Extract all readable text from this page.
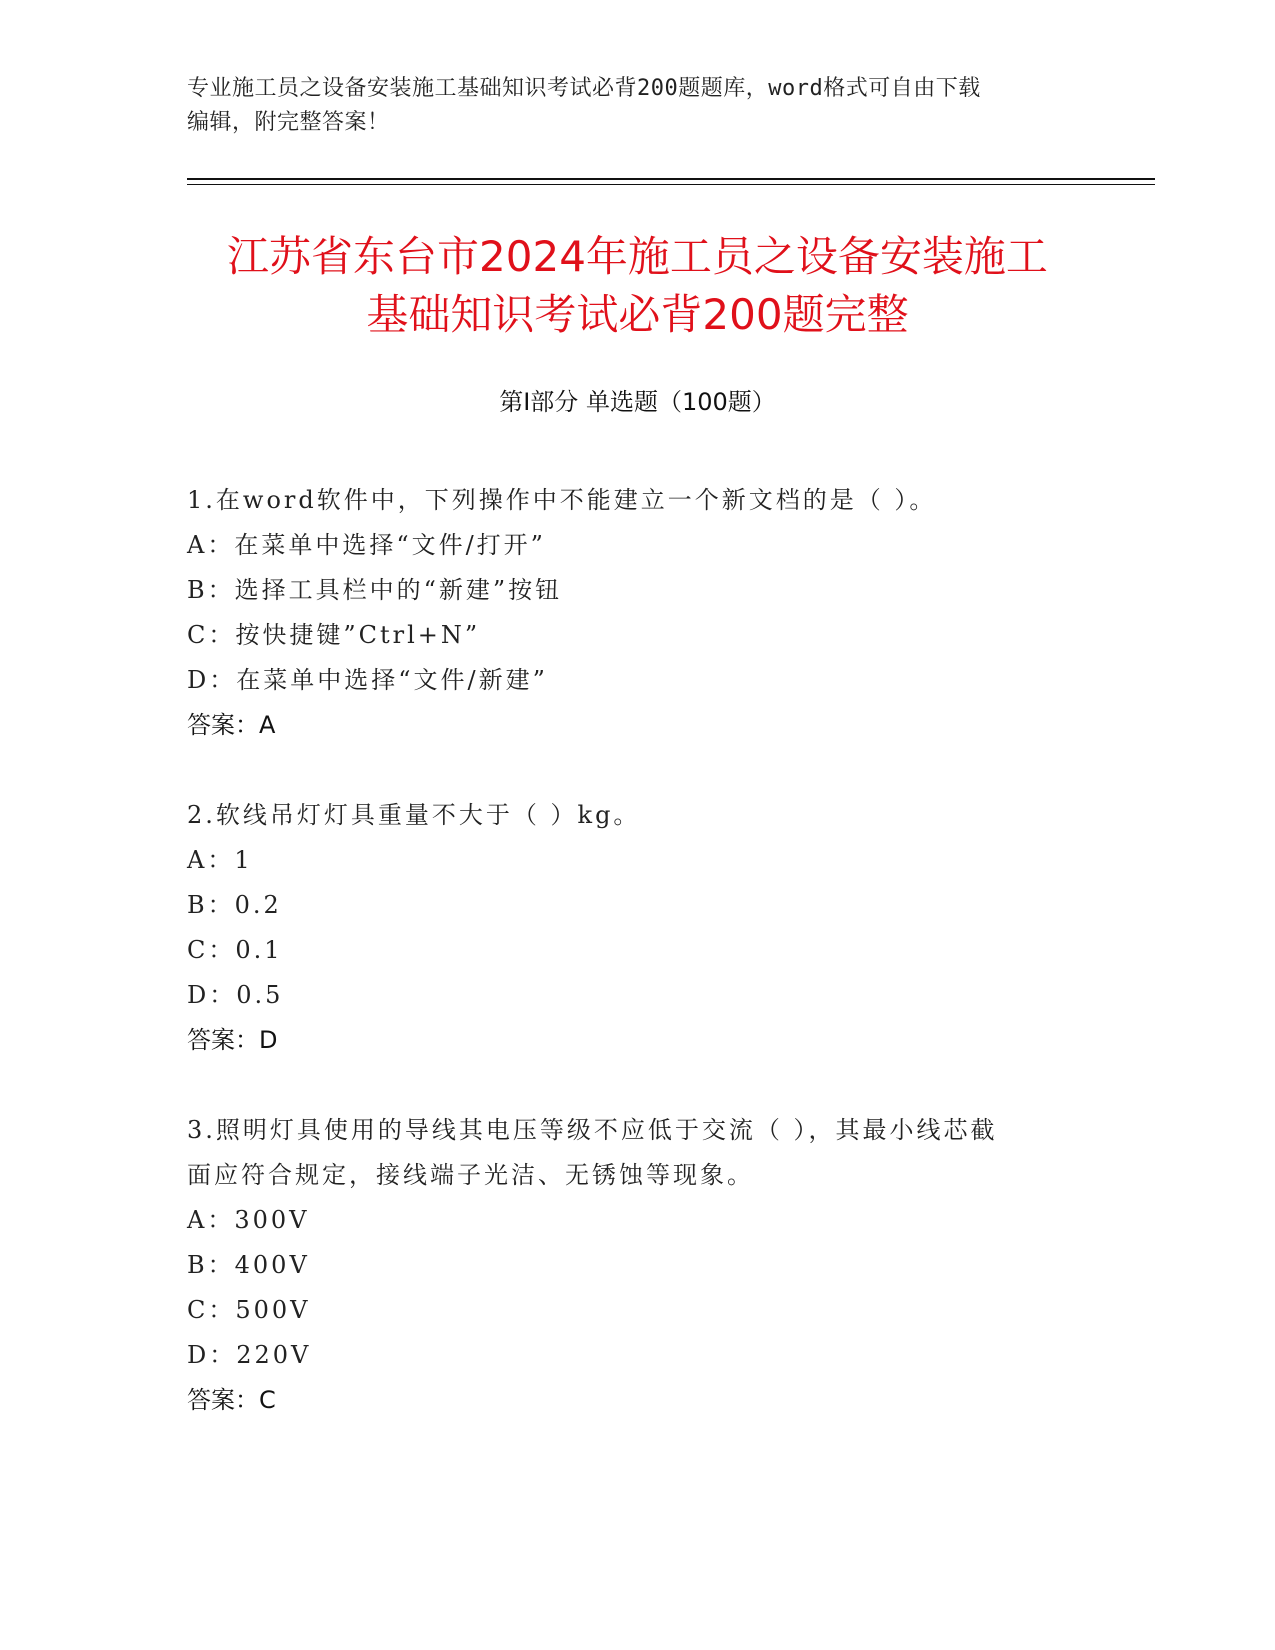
专业施工员之设备安装施工基础知识考试必背200题题库，word格式可自由下载
编辑，附完整答案！
江苏省东台市2024年施工员之设备安装施工
基础知识考试必背200题完整
第I部分 单选题（100题）

1.在word软件中，下列操作中不能建立一个新文档的是（ ）。

A：在菜单中选择“文件/打开”

B：选择工具栏中的“新建”按钮

C：按快捷键”Ctrl+N”

D：在菜单中选择“文件/新建”

答案：A

2.软线吊灯灯具重量不大于（ ）kg。

A：1

B：0.2

C：0.1

D：0.5

答案：D

3.照明灯具使用的导线其电压等级不应低于交流（ ），其最小线芯截

面应符合规定，接线端子光洁、无锈蚀等现象。

A：300V

B：400V

C：500V

D：220V

答案：C
